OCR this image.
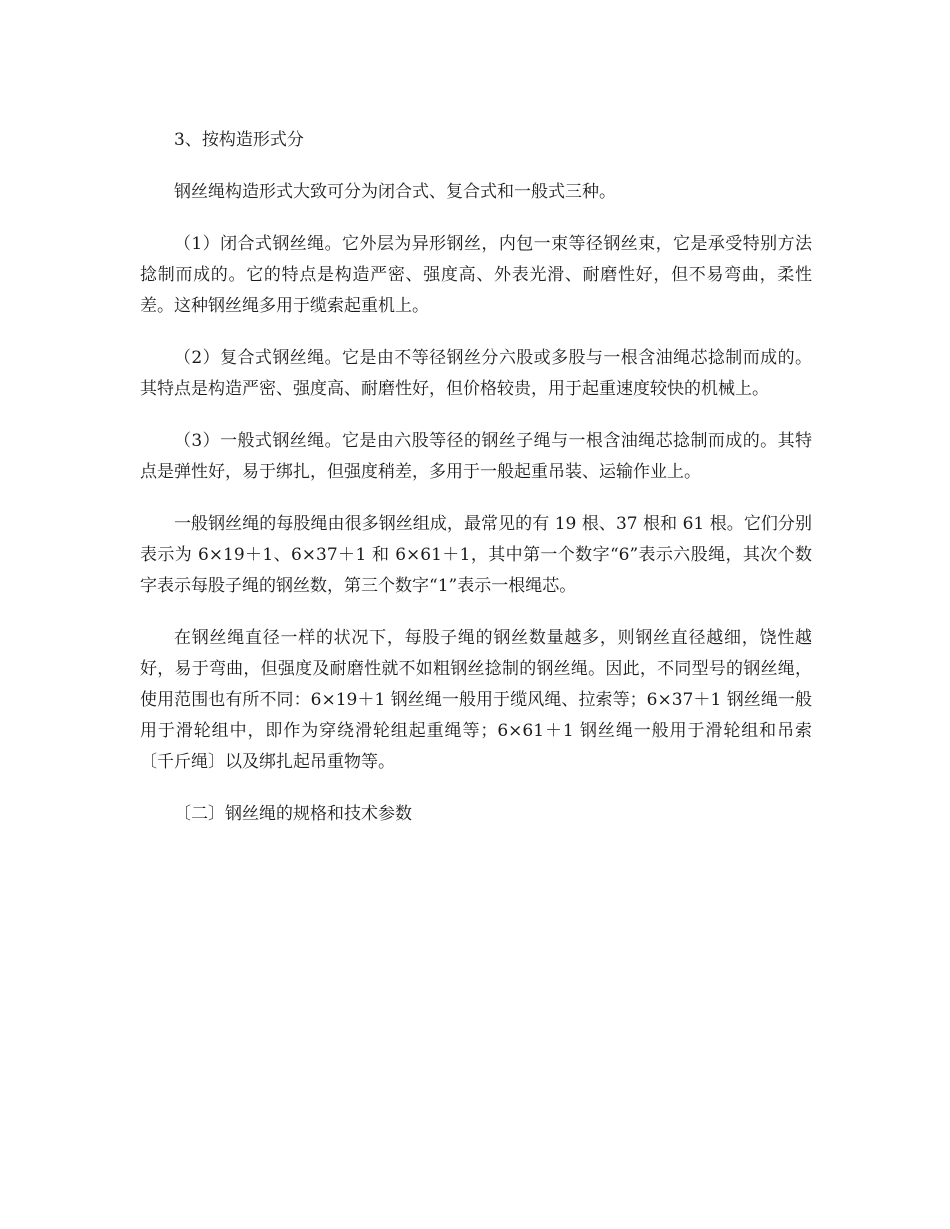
3、按构造形式分

钢丝绳构造形式大致可分为闭合式、复合式和一般式三种。

（1）闭合式钢丝绳。它外层为异形钢丝，内包一束等径钢丝束，它是承受特别方法捻制而成的。它的特点是构造严密、强度高、外表光滑、耐磨性好，但不易弯曲，柔性差。这种钢丝绳多用于缆索起重机上。

（2）复合式钢丝绳。它是由不等径钢丝分六股或多股与一根含油绳芯捻制而成的。其特点是构造严密、强度高、耐磨性好，但价格较贵，用于起重速度较快的机械上。

（3）一般式钢丝绳。它是由六股等径的钢丝子绳与一根含油绳芯捻制而成的。其特点是弹性好，易于绑扎，但强度稍差，多用于一般起重吊装、运输作业上。

一般钢丝绳的每股绳由很多钢丝组成，最常见的有 19 根、37 根和 61 根。它们分别表示为 6×19＋1、6×37＋1 和 6×61＋1，其中第一个数字“6”表示六股绳，其次个数字表示每股子绳的钢丝数，第三个数字“1”表示一根绳芯。

在钢丝绳直径一样的状况下，每股子绳的钢丝数量越多，则钢丝直径越细，饶性越好，易于弯曲，但强度及耐磨性就不如粗钢丝捻制的钢丝绳。因此，不同型号的钢丝绳，使用范围也有所不同：6×19＋1 钢丝绳一般用于缆风绳、拉索等；6×37＋1 钢丝绳一般用于滑轮组中，即作为穿绕滑轮组起重绳等；6×61＋1 钢丝绳一般用于滑轮组和吊索〔千斤绳〕以及绑扎起吊重物等。

〔二〕钢丝绳的规格和技术参数
